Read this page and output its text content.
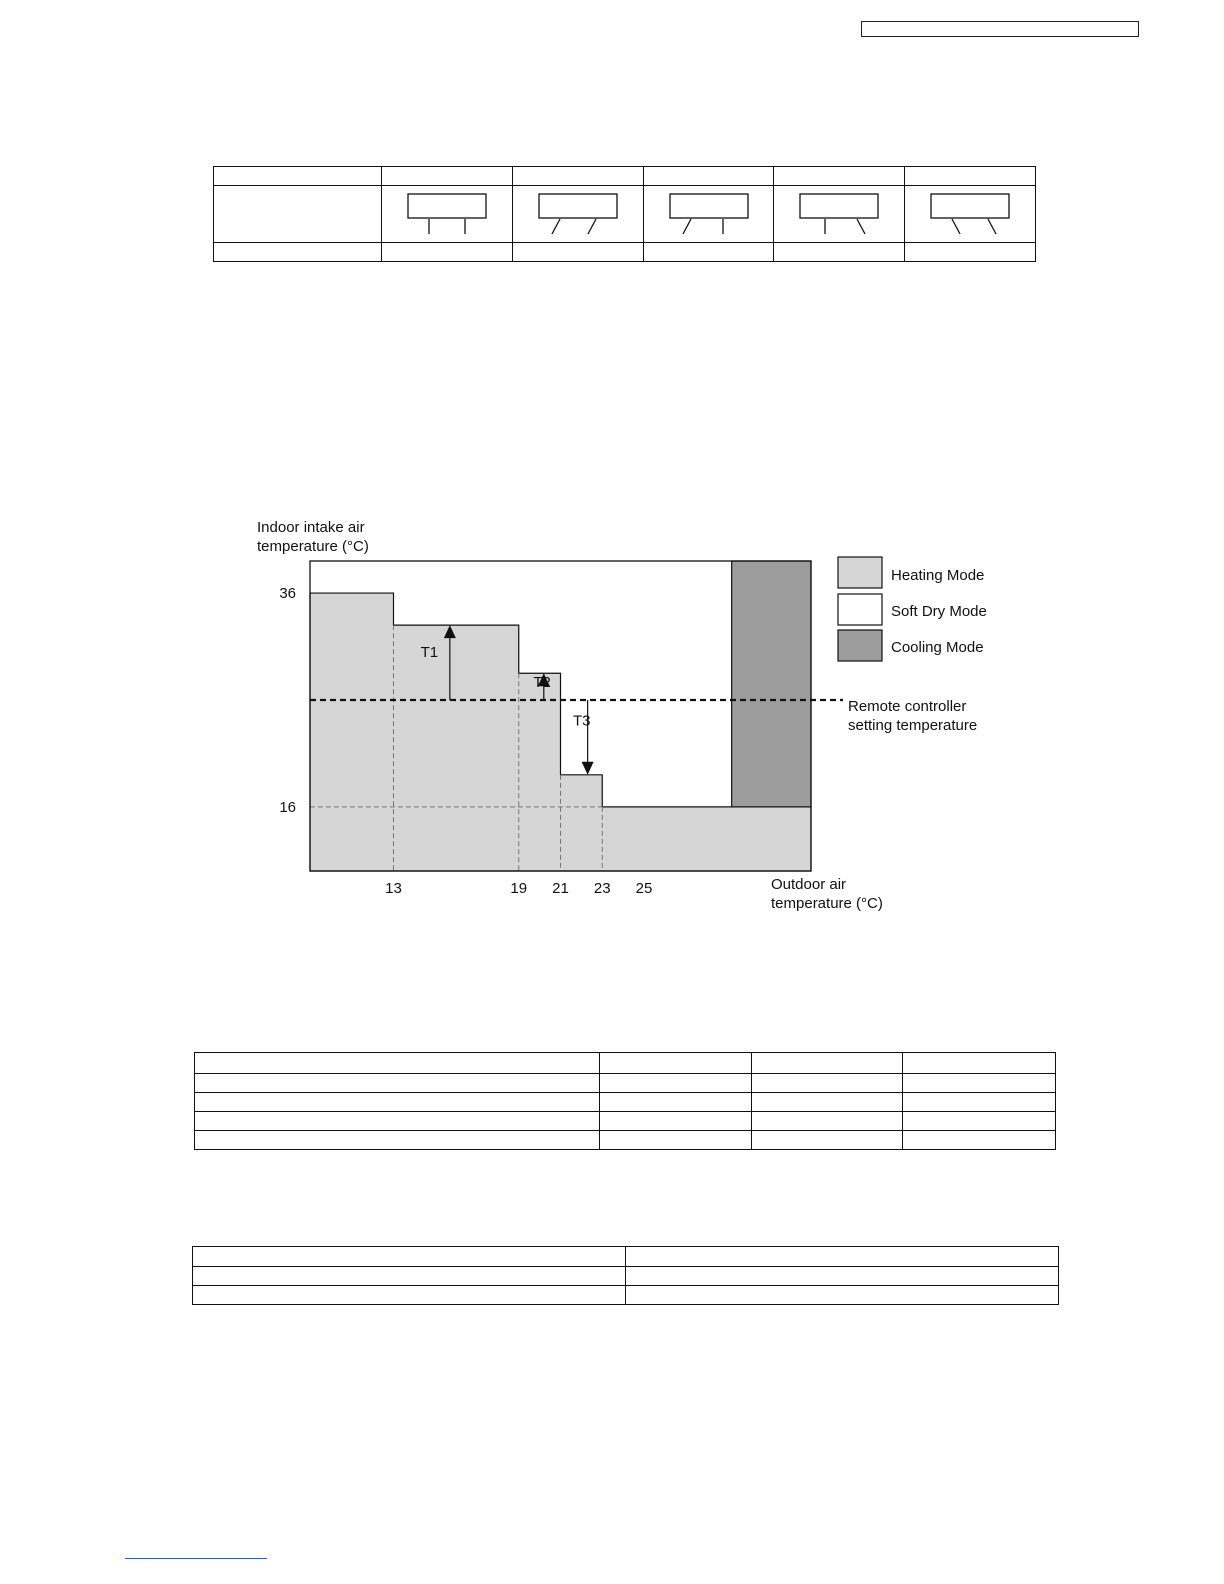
T1
T2
T3
13	19 21 23 25
36
16
Indoor intake air
temperature (°C)
Outdoor air
temperature (°C)
Heating Mode
Soft Dry Mode
Cooling Mode
Remote controller
setting temperature
